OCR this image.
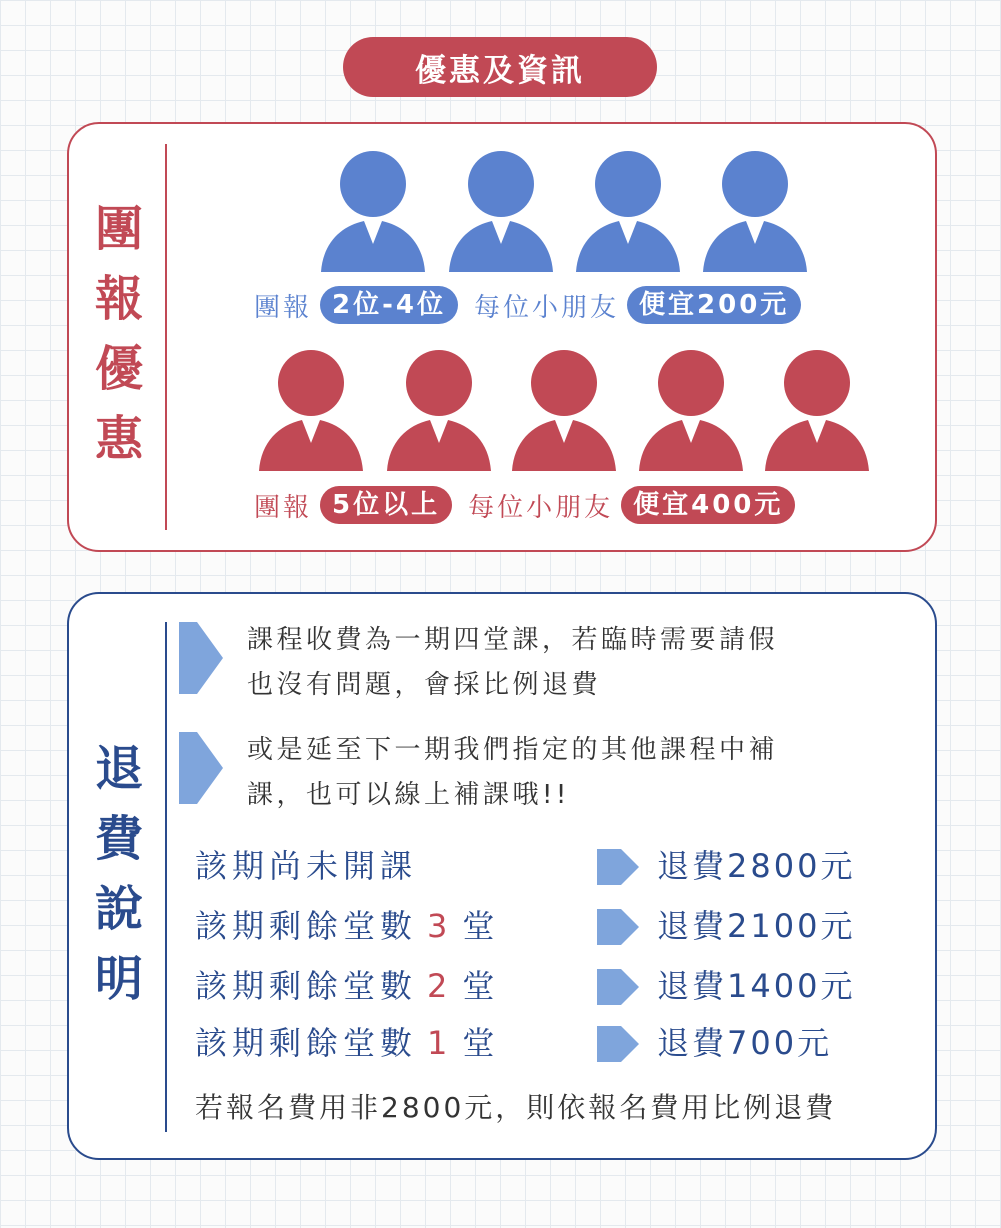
優惠及資訊
團
報
優
惠
團報 2位-4位	每位小朋友 便宜200元
團報 5位以上	每位小朋友 便宜400元
退
費
說
明
課程收費為一期四堂課，若臨時需要請假
也沒有問題，會採比例退費
或是延至下一期我們指定的其他課程中補
課，也可以線上補課哦!!
該期尚未開課	退費2800元
該期剩餘堂數 3 堂	退費2100元
該期剩餘堂數 2 堂	退費1400元
該期剩餘堂數 1 堂	退費700元
若報名費用非2800元，則依報名費用比例退費
